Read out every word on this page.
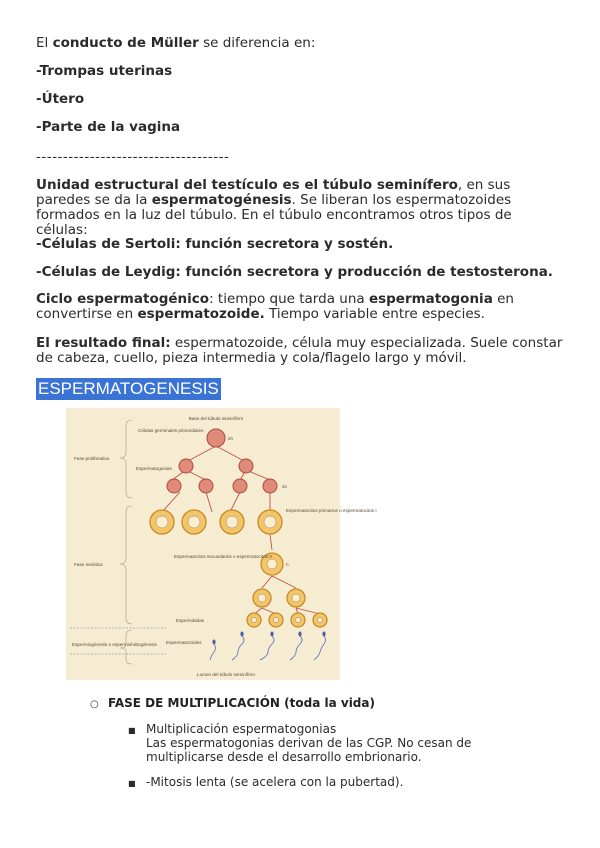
El conducto de Müller se diferencia en:

-Trompas uterinas

-Útero

-Parte de la vagina

------------------------------------

Unidad estructural del testículo es el túbulo seminífero, en sus paredes se da la espermatogénesis. Se liberan los espermatozoides formados en la luz del túbulo. En el túbulo encontramos otros tipos de células:

-Células de Sertoli: función secretora y sostén.

-Células de Leydig: función secretora y producción de testosterona.

Ciclo espermatogénico: tiempo que tarda una espermatogonia en convertirse en espermatozoide. Tiempo variable entre especies.

El resultado final: espermatozoide, célula muy especializada. Suele constar de cabeza, cuello, pieza intermedia y cola/flagelo largo y móvil.

ESPERMATOGENESIS
Base del túbulo seminífero
Células germinales primordiales
Fase proliferativa
Espermatogonias
2n
2n
Espermatocitos primarios o espermatocitos I
Fase meiótica
Espermatocitos secundarios o espermatocitos II
n
Espermátidas
Espermatozoides
Espermiogénesis o espermiohistogénesis
Lumen del túbulo seminífero
○ FASE DE MULTIPLICACIÓN (toda la vida)
■ Multiplicación espermatogonias
Las espermatogonias derivan de las CGP. No cesan de multiplicarse desde el desarrollo embrionario.
■ -Mitosis lenta (se acelera con la pubertad).
